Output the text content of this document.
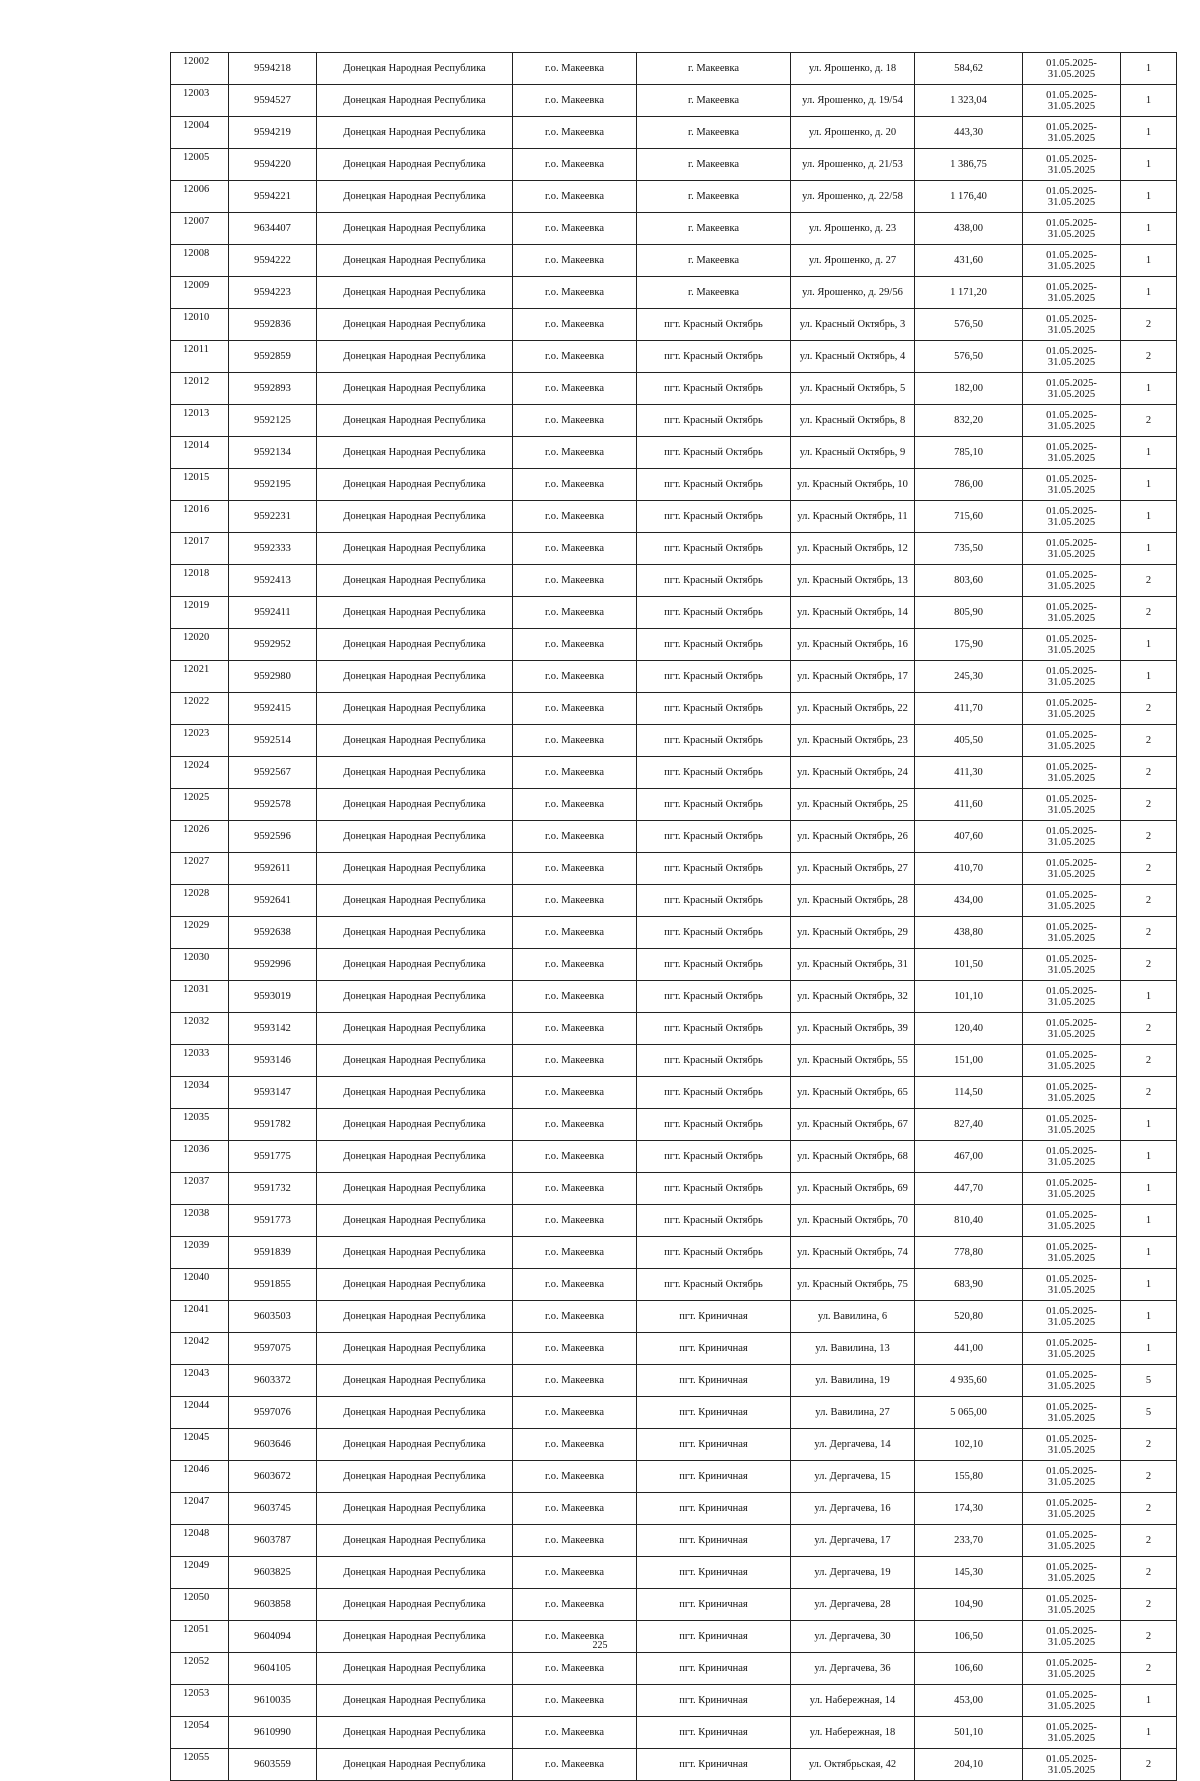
12002	9594218	Донецкая Народная Республика	г.о. Макеевка	г. Макеевка	ул. Ярошенко, д. 18	584,62	01.05.2025-31.05.2025	1
12003	9594527	Донецкая Народная Республика	г.о. Макеевка	г. Макеевка	ул. Ярошенко, д. 19/54	1 323,04	01.05.2025-31.05.2025	1
12004	9594219	Донецкая Народная Республика	г.о. Макеевка	г. Макеевка	ул. Ярошенко, д. 20	443,30	01.05.2025-31.05.2025	1
12005	9594220	Донецкая Народная Республика	г.о. Макеевка	г. Макеевка	ул. Ярошенко, д. 21/53	1 386,75	01.05.2025-31.05.2025	1
12006	9594221	Донецкая Народная Республика	г.о. Макеевка	г. Макеевка	ул. Ярошенко, д. 22/58	1 176,40	01.05.2025-31.05.2025	1
12007	9634407	Донецкая Народная Республика	г.о. Макеевка	г. Макеевка	ул. Ярошенко, д. 23	438,00	01.05.2025-31.05.2025	1
12008	9594222	Донецкая Народная Республика	г.о. Макеевка	г. Макеевка	ул. Ярошенко, д. 27	431,60	01.05.2025-31.05.2025	1
12009	9594223	Донецкая Народная Республика	г.о. Макеевка	г. Макеевка	ул. Ярошенко, д. 29/56	1 171,20	01.05.2025-31.05.2025	1
12010	9592836	Донецкая Народная Республика	г.о. Макеевка	пгт. Красный Октябрь	ул. Красный Октябрь, 3	576,50	01.05.2025-31.05.2025	2
12011	9592859	Донецкая Народная Республика	г.о. Макеевка	пгт. Красный Октябрь	ул. Красный Октябрь, 4	576,50	01.05.2025-31.05.2025	2
12012	9592893	Донецкая Народная Республика	г.о. Макеевка	пгт. Красный Октябрь	ул. Красный Октябрь, 5	182,00	01.05.2025-31.05.2025	1
12013	9592125	Донецкая Народная Республика	г.о. Макеевка	пгт. Красный Октябрь	ул. Красный Октябрь, 8	832,20	01.05.2025-31.05.2025	2
12014	9592134	Донецкая Народная Республика	г.о. Макеевка	пгт. Красный Октябрь	ул. Красный Октябрь, 9	785,10	01.05.2025-31.05.2025	1
12015	9592195	Донецкая Народная Республика	г.о. Макеевка	пгт. Красный Октябрь	ул. Красный Октябрь, 10	786,00	01.05.2025-31.05.2025	1
12016	9592231	Донецкая Народная Республика	г.о. Макеевка	пгт. Красный Октябрь	ул. Красный Октябрь, 11	715,60	01.05.2025-31.05.2025	1
12017	9592333	Донецкая Народная Республика	г.о. Макеевка	пгт. Красный Октябрь	ул. Красный Октябрь, 12	735,50	01.05.2025-31.05.2025	1
12018	9592413	Донецкая Народная Республика	г.о. Макеевка	пгт. Красный Октябрь	ул. Красный Октябрь, 13	803,60	01.05.2025-31.05.2025	2
12019	9592411	Донецкая Народная Республика	г.о. Макеевка	пгт. Красный Октябрь	ул. Красный Октябрь, 14	805,90	01.05.2025-31.05.2025	2
12020	9592952	Донецкая Народная Республика	г.о. Макеевка	пгт. Красный Октябрь	ул. Красный Октябрь, 16	175,90	01.05.2025-31.05.2025	1
12021	9592980	Донецкая Народная Республика	г.о. Макеевка	пгт. Красный Октябрь	ул. Красный Октябрь, 17	245,30	01.05.2025-31.05.2025	1
12022	9592415	Донецкая Народная Республика	г.о. Макеевка	пгт. Красный Октябрь	ул. Красный Октябрь, 22	411,70	01.05.2025-31.05.2025	2
12023	9592514	Донецкая Народная Республика	г.о. Макеевка	пгт. Красный Октябрь	ул. Красный Октябрь, 23	405,50	01.05.2025-31.05.2025	2
12024	9592567	Донецкая Народная Республика	г.о. Макеевка	пгт. Красный Октябрь	ул. Красный Октябрь, 24	411,30	01.05.2025-31.05.2025	2
12025	9592578	Донецкая Народная Республика	г.о. Макеевка	пгт. Красный Октябрь	ул. Красный Октябрь, 25	411,60	01.05.2025-31.05.2025	2
12026	9592596	Донецкая Народная Республика	г.о. Макеевка	пгт. Красный Октябрь	ул. Красный Октябрь, 26	407,60	01.05.2025-31.05.2025	2
12027	9592611	Донецкая Народная Республика	г.о. Макеевка	пгт. Красный Октябрь	ул. Красный Октябрь, 27	410,70	01.05.2025-31.05.2025	2
12028	9592641	Донецкая Народная Республика	г.о. Макеевка	пгт. Красный Октябрь	ул. Красный Октябрь, 28	434,00	01.05.2025-31.05.2025	2
12029	9592638	Донецкая Народная Республика	г.о. Макеевка	пгт. Красный Октябрь	ул. Красный Октябрь, 29	438,80	01.05.2025-31.05.2025	2
12030	9592996	Донецкая Народная Республика	г.о. Макеевка	пгт. Красный Октябрь	ул. Красный Октябрь, 31	101,50	01.05.2025-31.05.2025	2
12031	9593019	Донецкая Народная Республика	г.о. Макеевка	пгт. Красный Октябрь	ул. Красный Октябрь, 32	101,10	01.05.2025-31.05.2025	1
12032	9593142	Донецкая Народная Республика	г.о. Макеевка	пгт. Красный Октябрь	ул. Красный Октябрь, 39	120,40	01.05.2025-31.05.2025	2
12033	9593146	Донецкая Народная Республика	г.о. Макеевка	пгт. Красный Октябрь	ул. Красный Октябрь, 55	151,00	01.05.2025-31.05.2025	2
12034	9593147	Донецкая Народная Республика	г.о. Макеевка	пгт. Красный Октябрь	ул. Красный Октябрь, 65	114,50	01.05.2025-31.05.2025	2
12035	9591782	Донецкая Народная Республика	г.о. Макеевка	пгт. Красный Октябрь	ул. Красный Октябрь, 67	827,40	01.05.2025-31.05.2025	1
12036	9591775	Донецкая Народная Республика	г.о. Макеевка	пгт. Красный Октябрь	ул. Красный Октябрь, 68	467,00	01.05.2025-31.05.2025	1
12037	9591732	Донецкая Народная Республика	г.о. Макеевка	пгт. Красный Октябрь	ул. Красный Октябрь, 69	447,70	01.05.2025-31.05.2025	1
12038	9591773	Донецкая Народная Республика	г.о. Макеевка	пгт. Красный Октябрь	ул. Красный Октябрь, 70	810,40	01.05.2025-31.05.2025	1
12039	9591839	Донецкая Народная Республика	г.о. Макеевка	пгт. Красный Октябрь	ул. Красный Октябрь, 74	778,80	01.05.2025-31.05.2025	1
12040	9591855	Донецкая Народная Республика	г.о. Макеевка	пгт. Красный Октябрь	ул. Красный Октябрь, 75	683,90	01.05.2025-31.05.2025	1
12041	9603503	Донецкая Народная Республика	г.о. Макеевка	пгт. Криничная	ул. Вавилина, 6	520,80	01.05.2025-31.05.2025	1
12042	9597075	Донецкая Народная Республика	г.о. Макеевка	пгт. Криничная	ул. Вавилина, 13	441,00	01.05.2025-31.05.2025	1
12043	9603372	Донецкая Народная Республика	г.о. Макеевка	пгт. Криничная	ул. Вавилина, 19	4 935,60	01.05.2025-31.05.2025	5
12044	9597076	Донецкая Народная Республика	г.о. Макеевка	пгт. Криничная	ул. Вавилина, 27	5 065,00	01.05.2025-31.05.2025	5
12045	9603646	Донецкая Народная Республика	г.о. Макеевка	пгт. Криничная	ул. Дергачева, 14	102,10	01.05.2025-31.05.2025	2
12046	9603672	Донецкая Народная Республика	г.о. Макеевка	пгт. Криничная	ул. Дергачева, 15	155,80	01.05.2025-31.05.2025	2
12047	9603745	Донецкая Народная Республика	г.о. Макеевка	пгт. Криничная	ул. Дергачева, 16	174,30	01.05.2025-31.05.2025	2
12048	9603787	Донецкая Народная Республика	г.о. Макеевка	пгт. Криничная	ул. Дергачева, 17	233,70	01.05.2025-31.05.2025	2
12049	9603825	Донецкая Народная Республика	г.о. Макеевка	пгт. Криничная	ул. Дергачева, 19	145,30	01.05.2025-31.05.2025	2
12050	9603858	Донецкая Народная Республика	г.о. Макеевка	пгт. Криничная	ул. Дергачева, 28	104,90	01.05.2025-31.05.2025	2
12051	9604094	Донецкая Народная Республика	г.о. Макеевка	пгт. Криничная	ул. Дергачева, 30	106,50	01.05.2025-31.05.2025	2
12052	9604105	Донецкая Народная Республика	г.о. Макеевка	пгт. Криничная	ул. Дергачева, 36	106,60	01.05.2025-31.05.2025	2
12053	9610035	Донецкая Народная Республика	г.о. Макеевка	пгт. Криничная	ул. Набережная, 14	453,00	01.05.2025-31.05.2025	1
12054	9610990	Донецкая Народная Республика	г.о. Макеевка	пгт. Криничная	ул. Набережная, 18	501,10	01.05.2025-31.05.2025	1
12055	9603559	Донецкая Народная Республика	г.о. Макеевка	пгт. Криничная	ул. Октябрьская, 42	204,10	01.05.2025-31.05.2025	2
225
